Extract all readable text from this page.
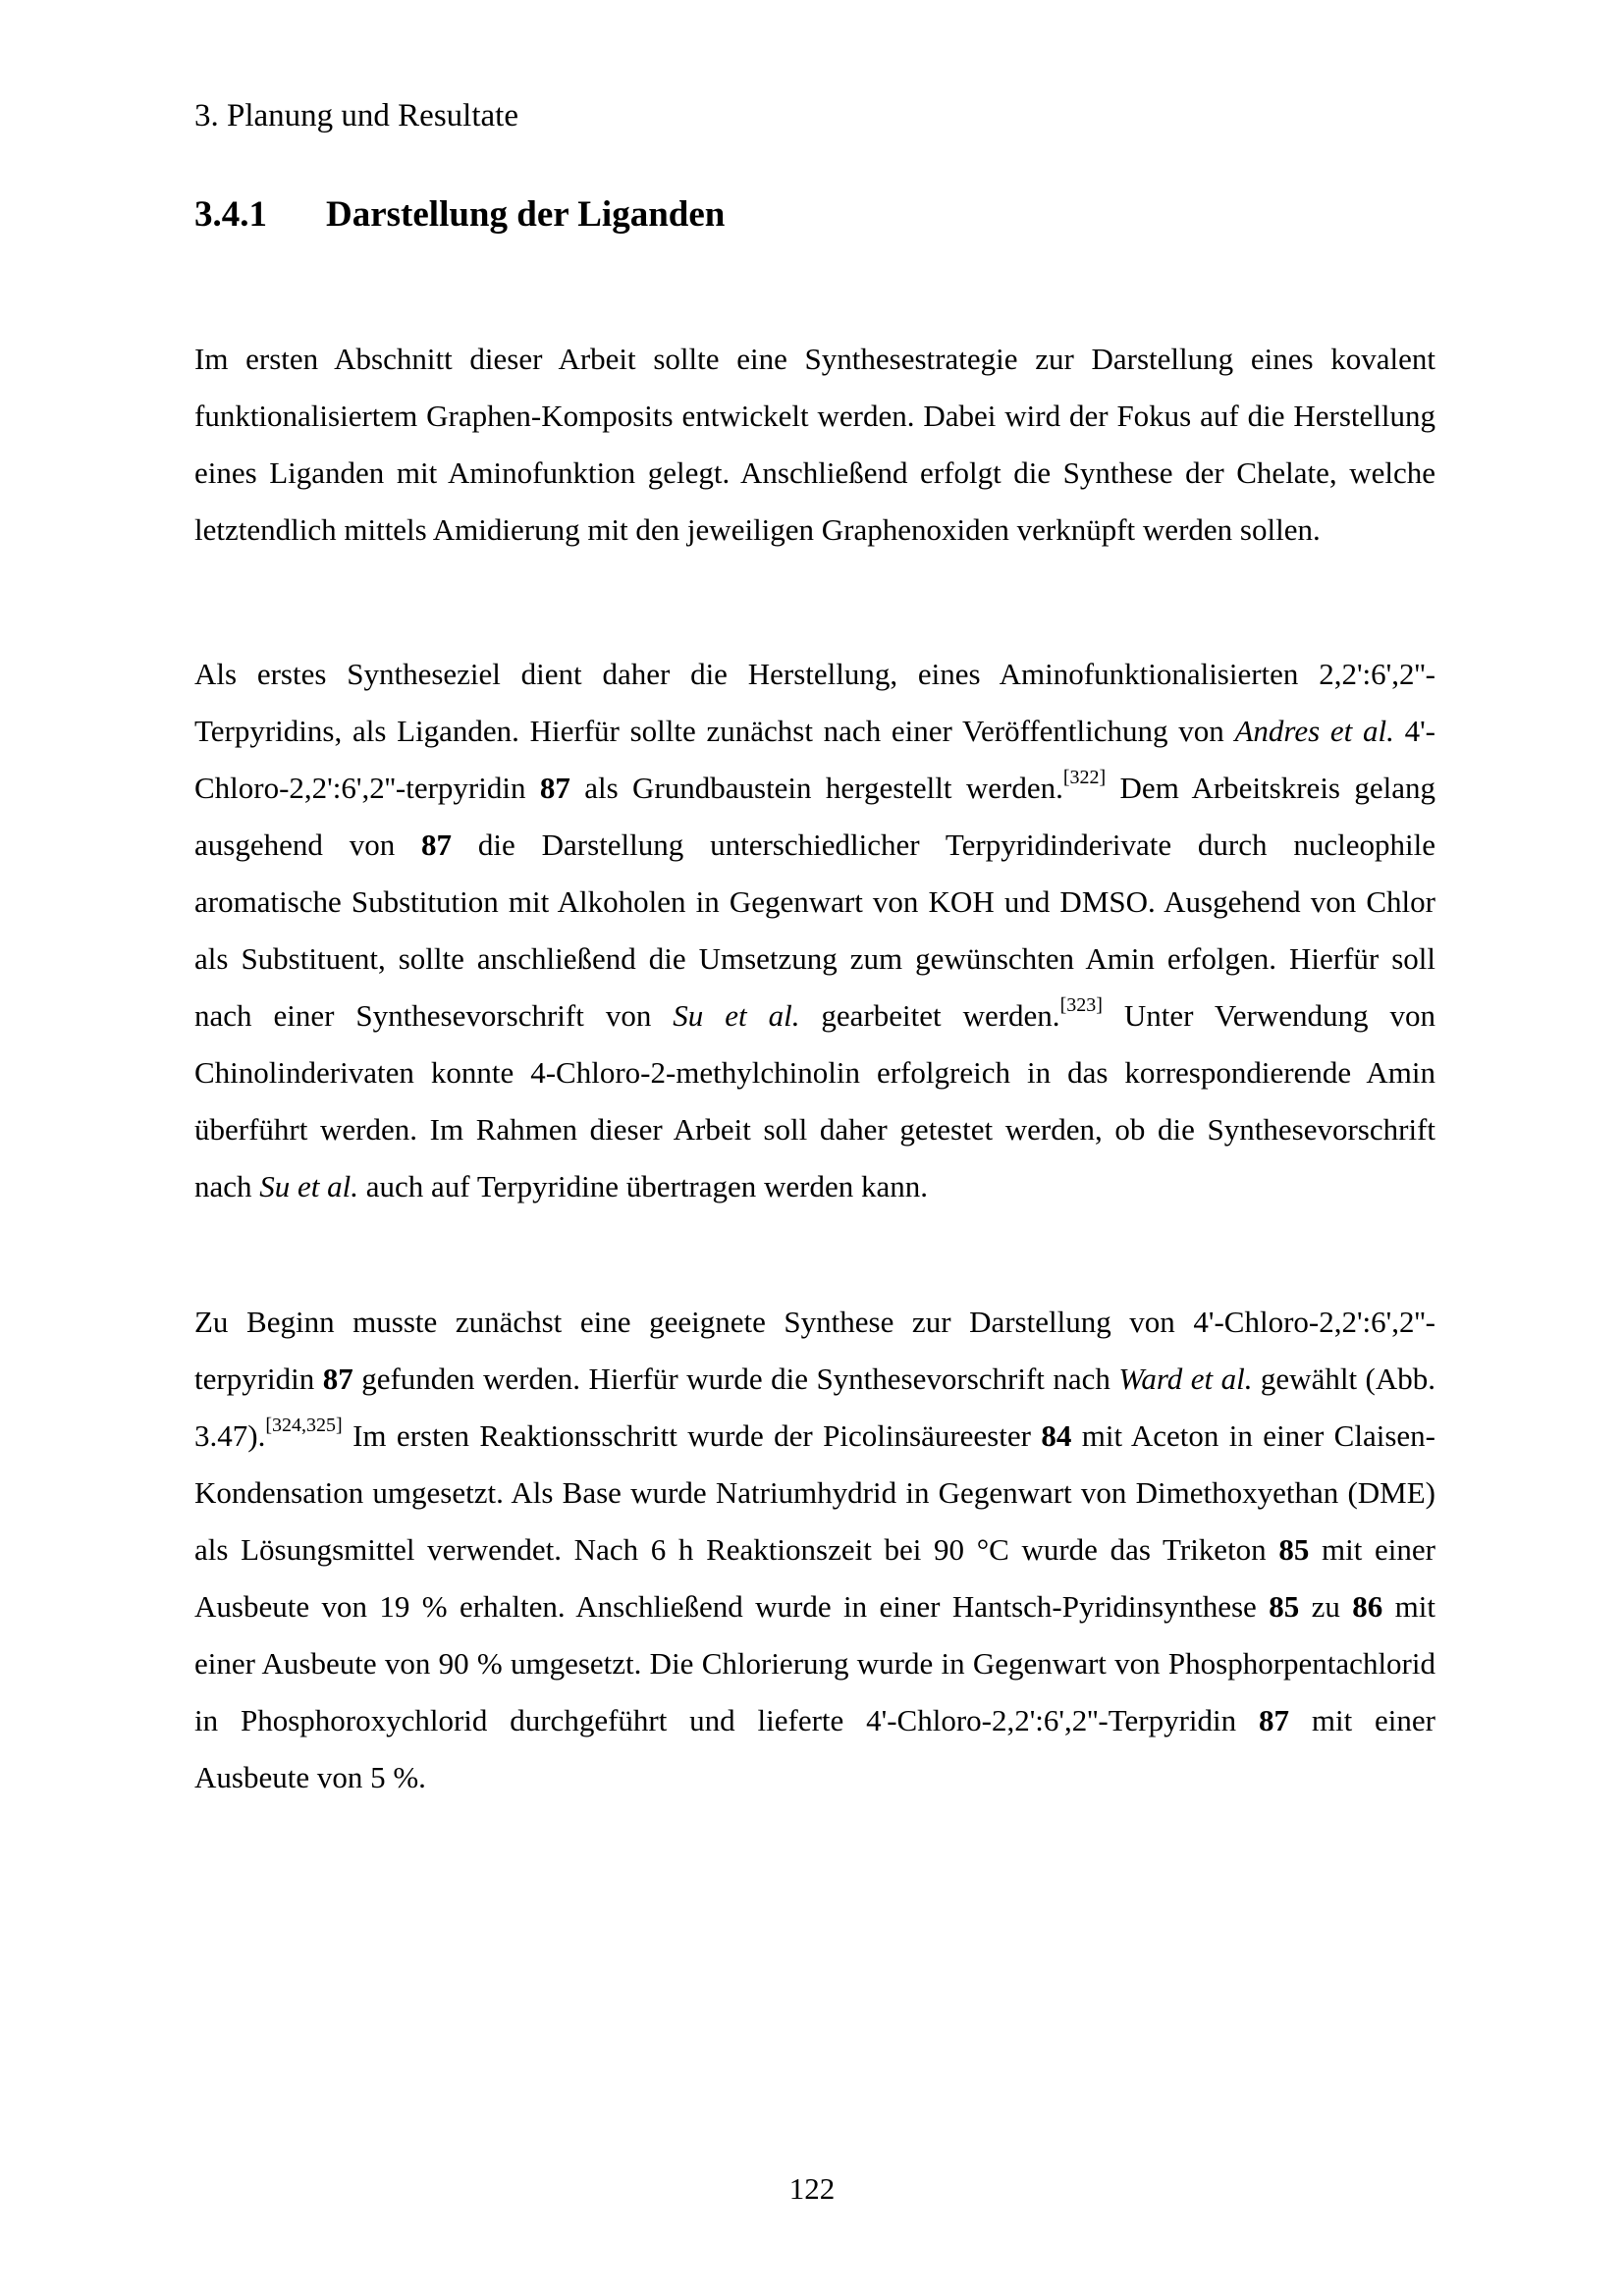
3. Planung und Resultate
3.4.1 Darstellung der Liganden

Im ersten Abschnitt dieser Arbeit sollte eine Synthesestrategie zur Darstellung eines kovalent funktionalisiertem Graphen-Komposits entwickelt werden. Dabei wird der Fokus auf die Herstellung eines Liganden mit Aminofunktion gelegt. Anschließend erfolgt die Synthese der Chelate, welche letztendlich mittels Amidierung mit den jeweiligen Graphenoxiden verknüpft werden sollen.

Als erstes Syntheseziel dient daher die Herstellung, eines Aminofunktionalisierten 2,2':6',2''-Terpyridins, als Liganden. Hierfür sollte zunächst nach einer Veröffentlichung von Andres et al. 4'-Chloro-2,2':6',2''-terpyridin 87 als Grundbaustein hergestellt werden.[322] Dem Arbeitskreis gelang ausgehend von 87 die Darstellung unterschiedlicher Terpyridinderivate durch nucleophile aromatische Substitution mit Alkoholen in Gegenwart von KOH und DMSO. Ausgehend von Chlor als Substituent, sollte anschließend die Umsetzung zum gewünschten Amin erfolgen. Hierfür soll nach einer Synthesevorschrift von Su et al. gearbeitet werden.[323] Unter Verwendung von Chinolinderivaten konnte 4-Chloro-2-methylchinolin erfolgreich in das korrespondierende Amin überführt werden. Im Rahmen dieser Arbeit soll daher getestet werden, ob die Synthesevorschrift nach Su et al. auch auf Terpyridine übertragen werden kann.

Zu Beginn musste zunächst eine geeignete Synthese zur Darstellung von 4'-Chloro-2,2':6',2''-terpyridin 87 gefunden werden. Hierfür wurde die Synthesevorschrift nach Ward et al. gewählt (Abb. 3.47).[324,325] Im ersten Reaktionsschritt wurde der Picolinsäureester 84 mit Aceton in einer Claisen-Kondensation umgesetzt. Als Base wurde Natriumhydrid in Gegenwart von Dimethoxyethan (DME) als Lösungsmittel verwendet. Nach 6 h Reaktionszeit bei 90 °C wurde das Triketon 85 mit einer Ausbeute von 19 % erhalten. Anschließend wurde in einer Hantsch-Pyridinsynthese 85 zu 86 mit einer Ausbeute von 90 % umgesetzt. Die Chlorierung wurde in Gegenwart von Phosphorpentachlorid in Phosphoroxychlorid durchgeführt und lieferte 4'-Chloro-2,2':6',2''-Terpyridin 87 mit einer Ausbeute von 5 %.

122
